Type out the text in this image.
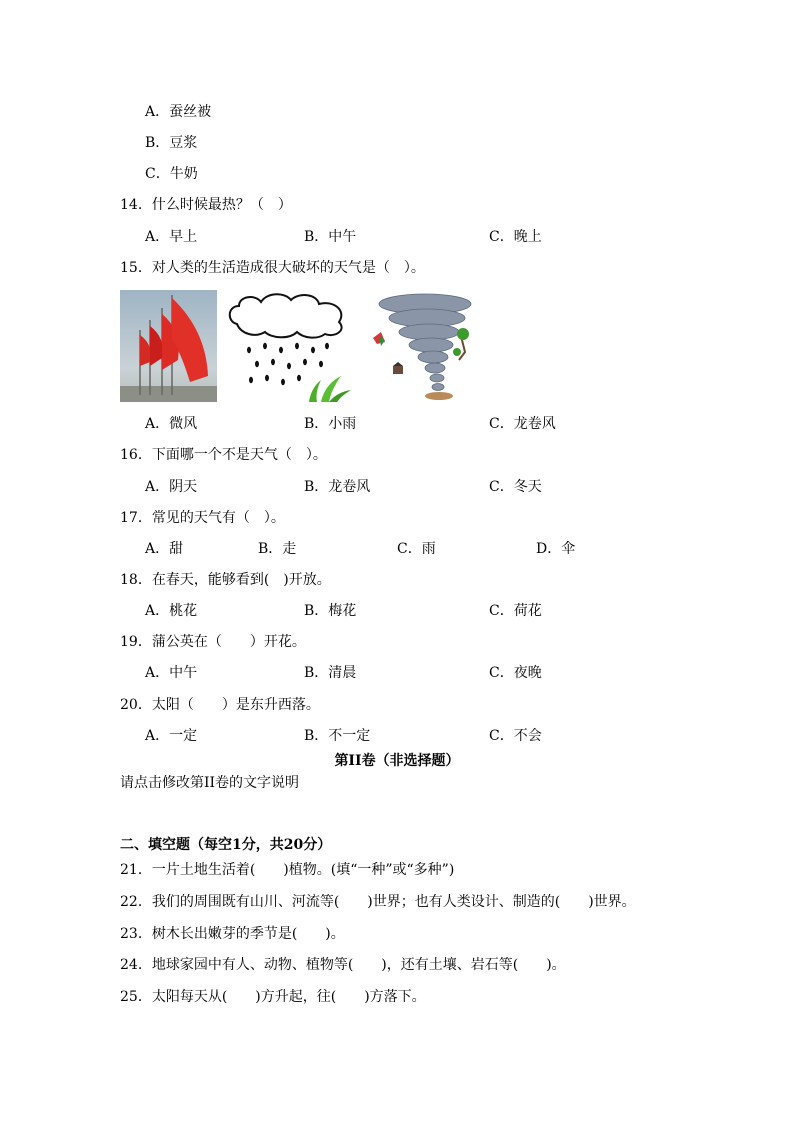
A．蚕丝被
B．豆浆
C．牛奶
14．什么时候最热？（　）
A．早上	B．中午	C．晚上
15．对人类的生活造成很大破坏的天气是（　）。
A．微风	B．小雨	C．龙卷风
16．下面哪一个不是天气（　）。
A．阴天	B．龙卷风	C．冬天
17．常见的天气有（　）。
A．甜	B．走	C．雨	D．伞
18．在春天，能够看到(　)开放。
A．桃花	B．梅花	C．荷花
19．蒲公英在（　　）开花。
A．中午	B．清晨	C．夜晚
20．太阳（　　）是东升西落。
A．一定	B．不一定	C．不会
第II卷（非选择题）
请点击修改第II卷的文字说明
二、填空题（每空1分，共20分）
21．一片土地生活着(　　)植物。(填“一种”或“多种”)
22．我们的周围既有山川、河流等(　　)世界；也有人类设计、制造的(　　)世界。
23．树木长出嫩芽的季节是(　　)。
24．地球家园中有人、动物、植物等(　　)，还有土壤、岩石等(　　)。
25．太阳每天从(　　)方升起，往(　　)方落下。
